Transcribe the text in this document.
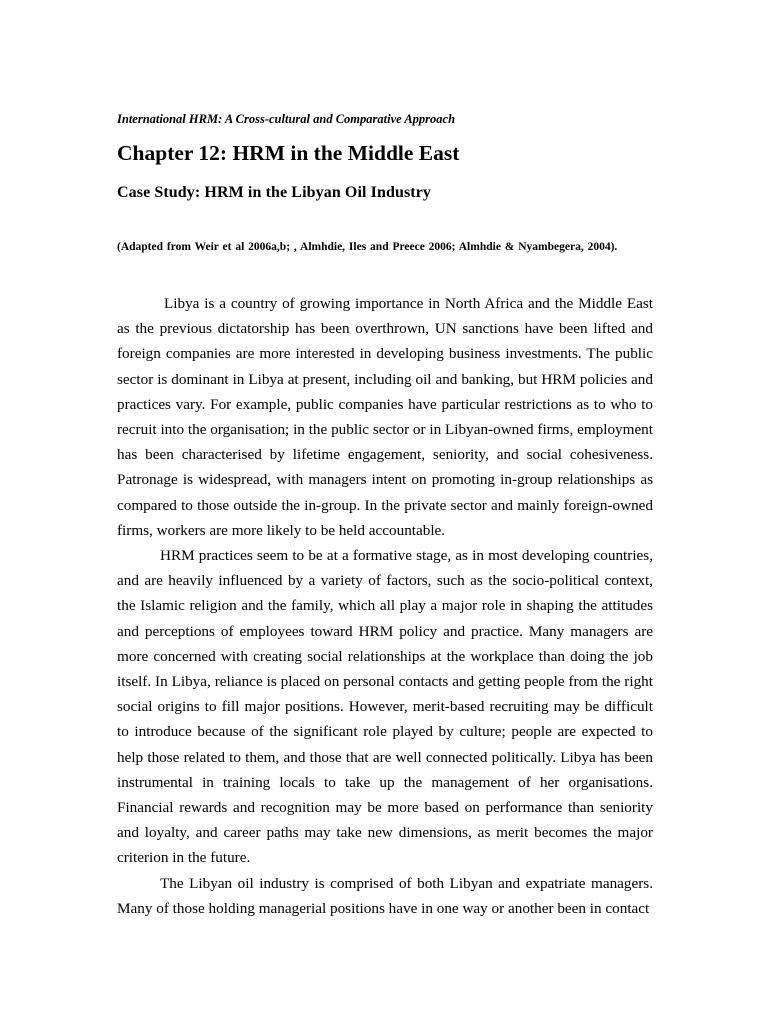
International HRM: A Cross-cultural and Comparative Approach
Chapter 12: HRM in the Middle East
Case Study: HRM in the Libyan Oil Industry

(Adapted from Weir et al 2006a,b; , Almhdie, Iles and Preece 2006; Almhdie & Nyambegera, 2004).

Libya is a country of growing importance in North Africa and the Middle East as the previous dictatorship has been overthrown, UN sanctions have been lifted and foreign companies are more interested in developing business investments. The public sector is dominant in Libya at present, including oil and banking, but HRM policies and practices vary. For example, public companies have particular restrictions as to who to recruit into the organisation; in the public sector or in Libyan-owned firms, employment has been characterised by lifetime engagement, seniority, and social cohesiveness. Patronage is widespread, with managers intent on promoting in-group relationships as compared to those outside the in-group. In the private sector and mainly foreign-owned firms, workers are more likely to be held accountable.

HRM practices seem to be at a formative stage, as in most developing countries, and are heavily influenced by a variety of factors, such as the socio-political context, the Islamic religion and the family, which all play a major role in shaping the attitudes and perceptions of employees toward HRM policy and practice. Many managers are more concerned with creating social relationships at the workplace than doing the job itself. In Libya, reliance is placed on personal contacts and getting people from the right social origins to fill major positions. However, merit-based recruiting may be difficult to introduce because of the significant role played by culture; people are expected to help those related to them, and those that are well connected politically. Libya has been instrumental in training locals to take up the management of her organisations. Financial rewards and recognition may be more based on performance than seniority and loyalty, and career paths may take new dimensions, as merit becomes the major criterion in the future.

The Libyan oil industry is comprised of both Libyan and expatriate managers. Many of those holding managerial positions have in one way or another been in contact
